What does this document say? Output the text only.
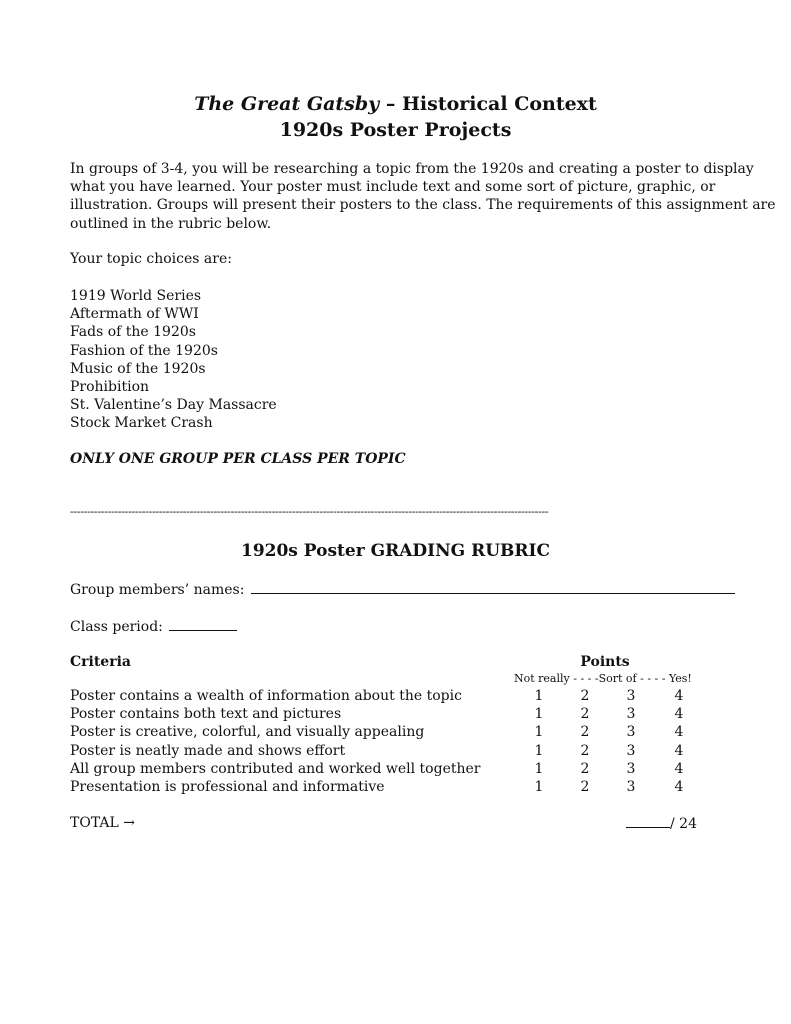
The Great Gatsby – Historical Context
1920s Poster Projects
In groups of 3-4, you will be researching a topic from the 1920s and creating a poster to display
what you have learned. Your poster must include text and some sort of picture, graphic, or
illustration. Groups will present their posters to the class. The requirements of this assignment are
outlined in the rubric below.
Your topic choices are:
1919 World Series
Aftermath of WWI
Fads of the 1920s
Fashion of the 1920s
Music of the 1920s
Prohibition
St. Valentine’s Day Massacre
Stock Market Crash
ONLY ONE GROUP PER CLASS PER TOPIC
--------------------------------------------------------------------------------------------------------------------------------------------
1920s Poster GRADING RUBRIC
Group members’ names:
Class period:
Criteria	Points
Not really - - - -Sort of - - - - Yes!
Poster contains a wealth of information about the topic	1	2	3	4
Poster contains both text and pictures	1	2	3	4
Poster is creative, colorful, and visually appealing	1	2	3	4
Poster is neatly made and shows effort	1	2	3	4
All group members contributed and worked well together	1	2	3	4
Presentation is professional and informative	1	2	3	4
TOTAL →	/ 24
